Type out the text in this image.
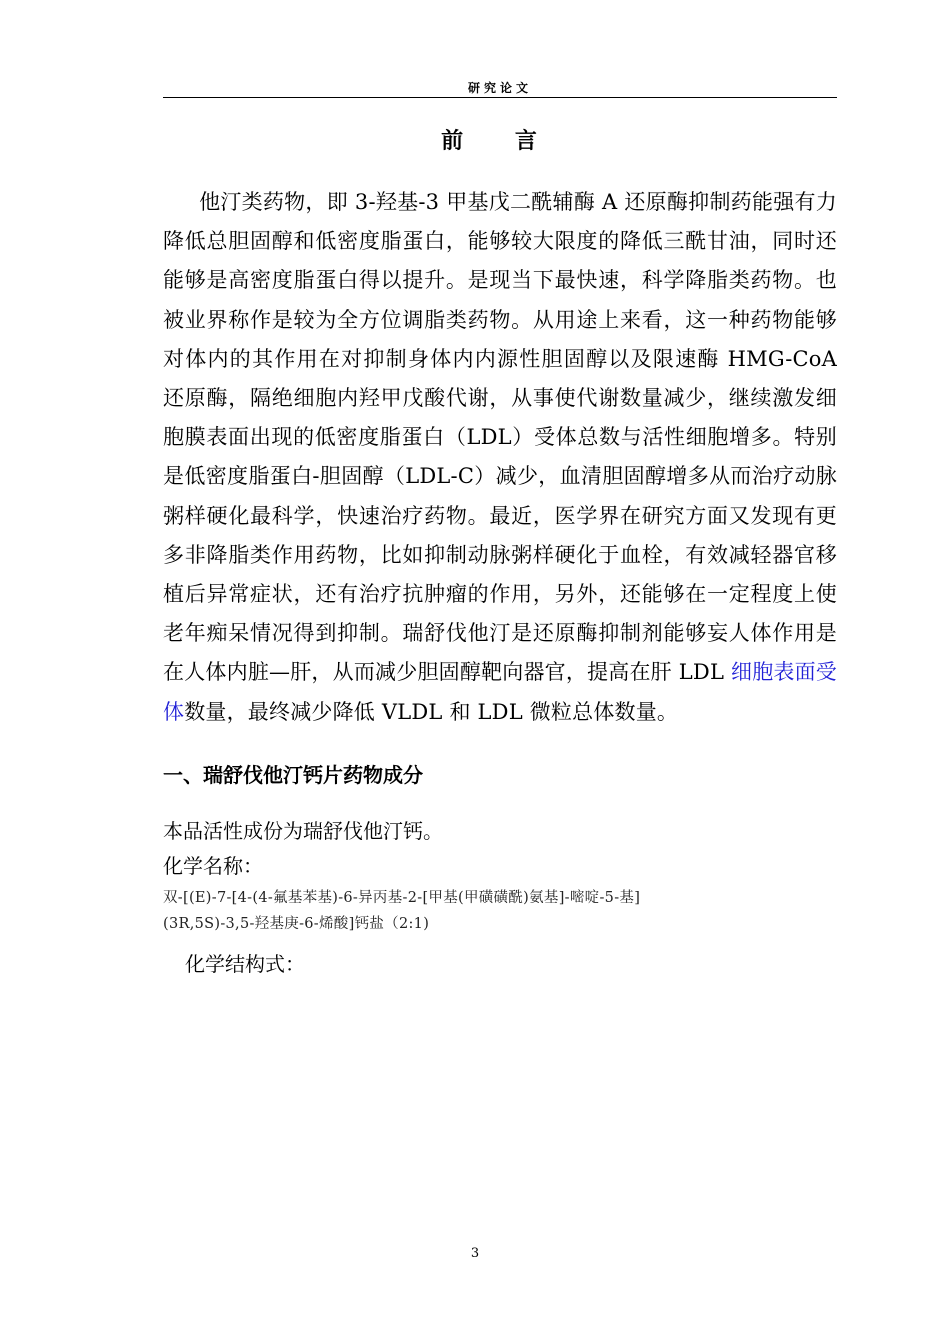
研究论文
前 言
他汀类药物，即 3-羟基-3 甲基戊二酰辅酶 A 还原酶抑制药能强有力降低总胆固醇和低密度脂蛋白，能够较大限度的降低三酰甘油，同时还能够是高密度脂蛋白得以提升。是现当下最快速，科学降脂类药物。也被业界称作是较为全方位调脂类药物。从用途上来看，这一种药物能够对体内的其作用在对抑制身体内内源性胆固醇以及限速酶 HMG-CoA 还原酶，隔绝细胞内羟甲戊酸代谢，从事使代谢数量减少，继续激发细胞膜表面出现的低密度脂蛋白（LDL）受体总数与活性细胞增多。特别是低密度脂蛋白-胆固醇（LDL-C）减少，血清胆固醇增多从而治疗动脉粥样硬化最科学，快速治疗药物。最近，医学界在研究方面又发现有更多非降脂类作用药物，比如抑制动脉粥样硬化于血栓，有效减轻器官移植后异常症状，还有治疗抗肿瘤的作用，另外，还能够在一定程度上使老年痴呆情况得到抑制。瑞舒伐他汀是还原酶抑制剂能够妄人体作用是在人体内脏—肝，从而减少胆固醇靶向器官，提高在肝 LDL 细胞表面受体数量，最终减少降低 VLDL 和 LDL 微粒总体数量。
一、瑞舒伐他汀钙片药物成分
本品活性成份为瑞舒伐他汀钙。
化学名称：
双-[(E)-7-[4-(4-氟基苯基)-6-异丙基-2-[甲基(甲磺磺酰)氨基]-嘧啶-5-基]
(3R,5S)-3,5-羟基庚-6-烯酸]钙盐（2:1)
化学结构式：
3
